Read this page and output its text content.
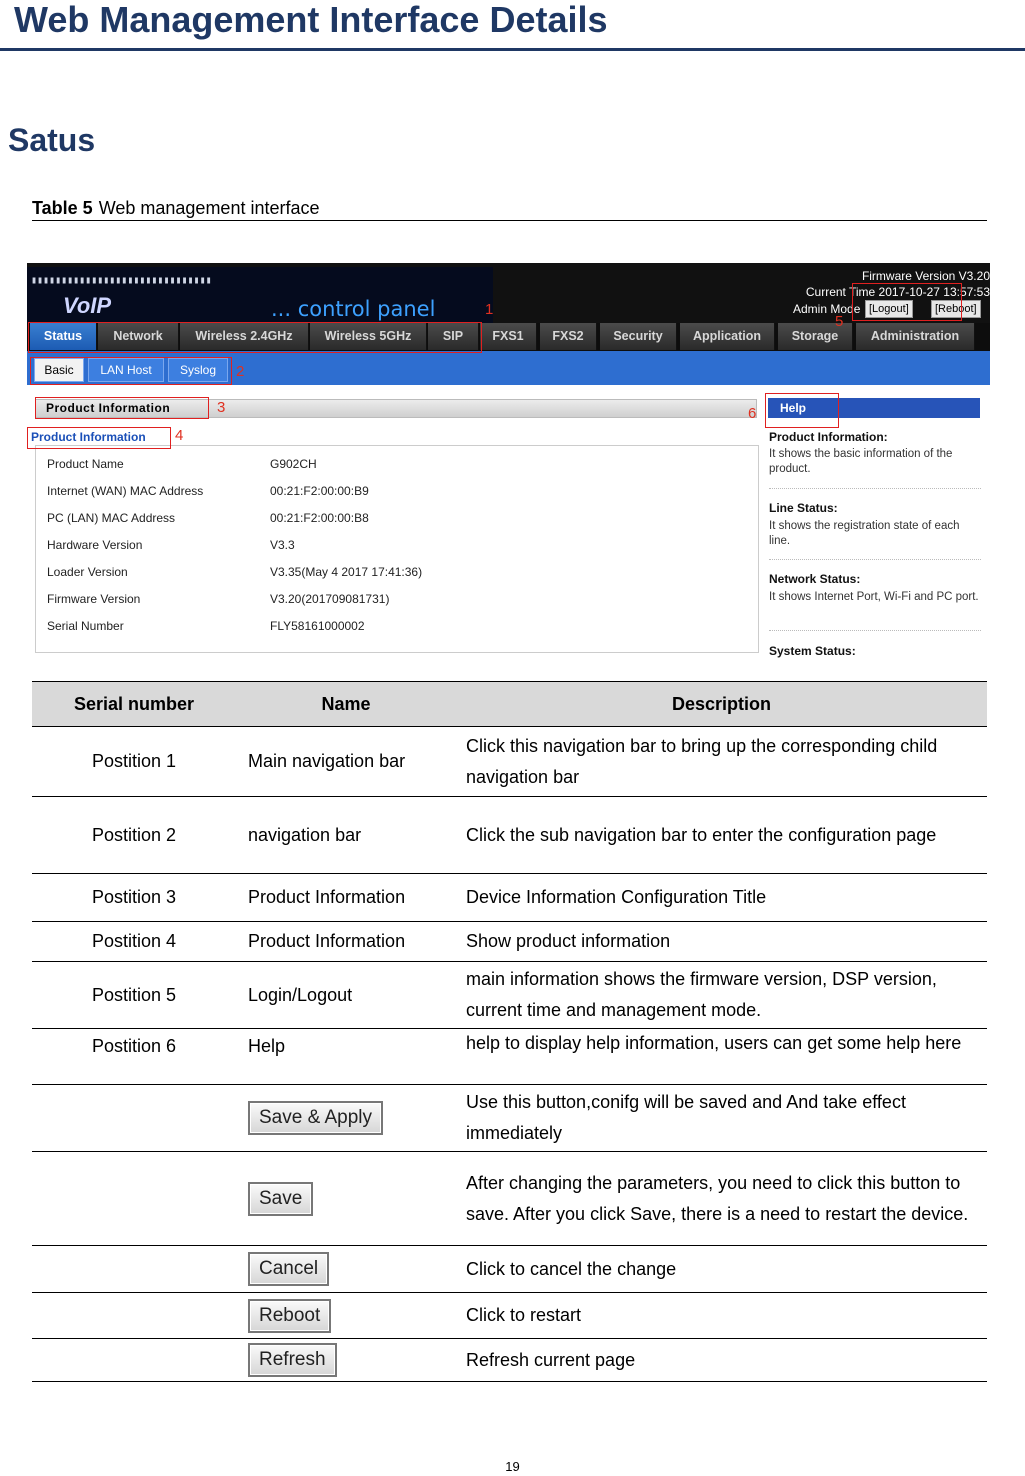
Web Management Interface Details
Satus
Table 5 Web management interface
▮▮▮▮▮▮▮▮▮▮▮▮▮▮▮▮▮▮▮▮▮▮▮▮▮▮▮▮▮▮
VoIP	... control panel
Firmware Version V3.20
Current Time 2017-10-27 13:57:53
Admin Mode [Logout]	[Reboot]
Status	Network	Wireless 2.4GHz	Wireless 5GHz	SIP	FXS1	FXS2	Security	Application	Storage	Administration
Basic	LAN Host	Syslog
Product Information
Product Information
Product Name	G902CH
Internet (WAN) MAC Address	00:21:F2:00:00:B9
PC (LAN) MAC Address	00:21:F2:00:00:B8
Hardware Version	V3.3
Loader Version	V3.35(May 4 2017 17:41:36)
Firmware Version	V3.20(201709081731)
Serial Number	FLY58161000002
Help
Product Information:
It shows the basic information of the product.
Line Status:
It shows the registration state of each line.
Network Status:
It shows Internet Port, Wi-Fi and PC port.
System Status:
1
2
3
4
5
6
Serial number	Name	Description
Postition 1	Main navigation bar	Click this navigation bar to bring up the corresponding child navigation bar
Postition 2	navigation bar	Click the sub navigation bar to enter the configuration page
Postition 3	Product Information	Device Information Configuration Title
Postition 4	Product Information	Show product information
Postition 5	Login/Logout	main information shows the firmware version, DSP version, current time and management mode.
Postition 6	Help	help to display help information, users can get some help here
	Save & Apply	Use this button,conifg will be saved and And take effect immediately
	Save	After changing the parameters, you need to click this button to save. After you click Save, there is a need to restart the device.
	Cancel	Click to cancel the change
	Reboot	Click to restart
	Refresh	Refresh current page
19
